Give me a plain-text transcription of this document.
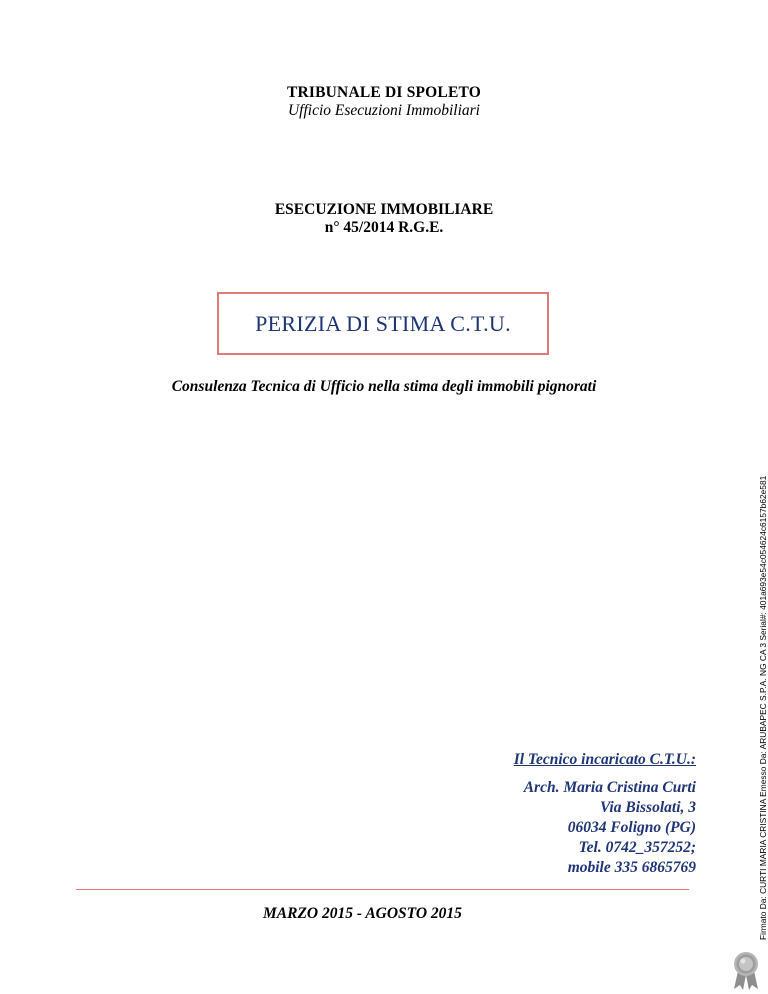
TRIBUNALE DI SPOLETO
Ufficio Esecuzioni Immobiliari
ESECUZIONE IMMOBILIARE
n° 45/2014 R.G.E.
PERIZIA DI STIMA C.T.U.
Consulenza Tecnica di Ufficio nella stima degli immobili pignorati
Il Tecnico incaricato C.T.U.:
Arch. Maria Cristina Curti
Via Bissolati, 3
06034 Foligno (PG)
Tel. 0742_357252;
mobile 335 6865769
MARZO 2015 - AGOSTO 2015	Firmato Da: CURTI MARIA CRISTINA Emesso Da: ARUBAPEC S.P.A. NG CA 3 Serial#: 401a693e54c054624c6157b62e581
